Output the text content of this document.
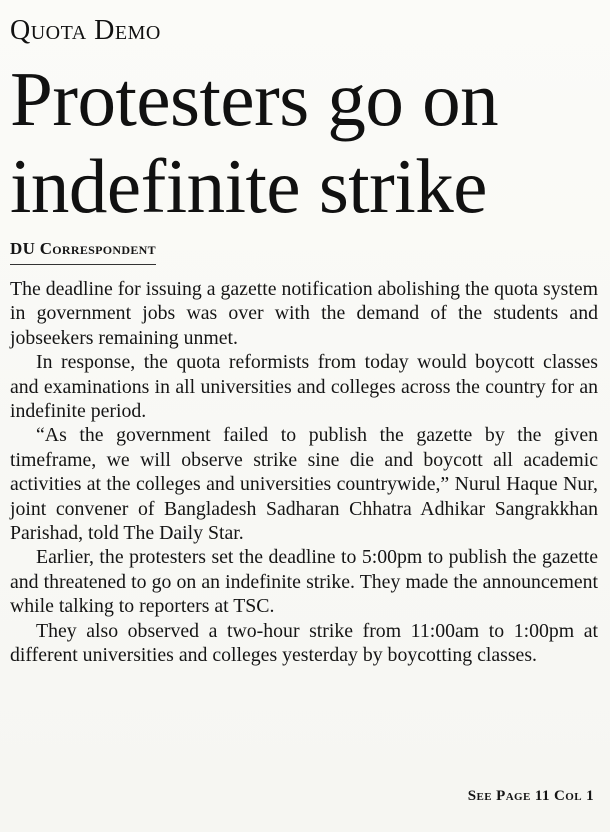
Quota Demo
Protesters go on indefinite strike
DU Correspondent

The deadline for issuing a gazette notification abolishing the quota system in government jobs was over with the demand of the students and jobseekers remaining unmet.

In response, the quota reformists from today would boycott classes and examinations in all universities and colleges across the country for an indefinite period.

“As the government failed to publish the gazette by the given timeframe, we will observe strike sine die and boycott all academic activities at the colleges and universities countrywide,” Nurul Haque Nur, joint convener of Bangladesh Sadharan Chhatra Adhikar Sangrakkhan Parishad, told The Daily Star.

Earlier, the protesters set the deadline to 5:00pm to publish the gazette and threatened to go on an indefinite strike. They made the announcement while talking to reporters at TSC.

They also observed a two-hour strike from 11:00am to 1:00pm at different universities and colleges yesterday by boycotting classes.

See Page 11 Col 1
